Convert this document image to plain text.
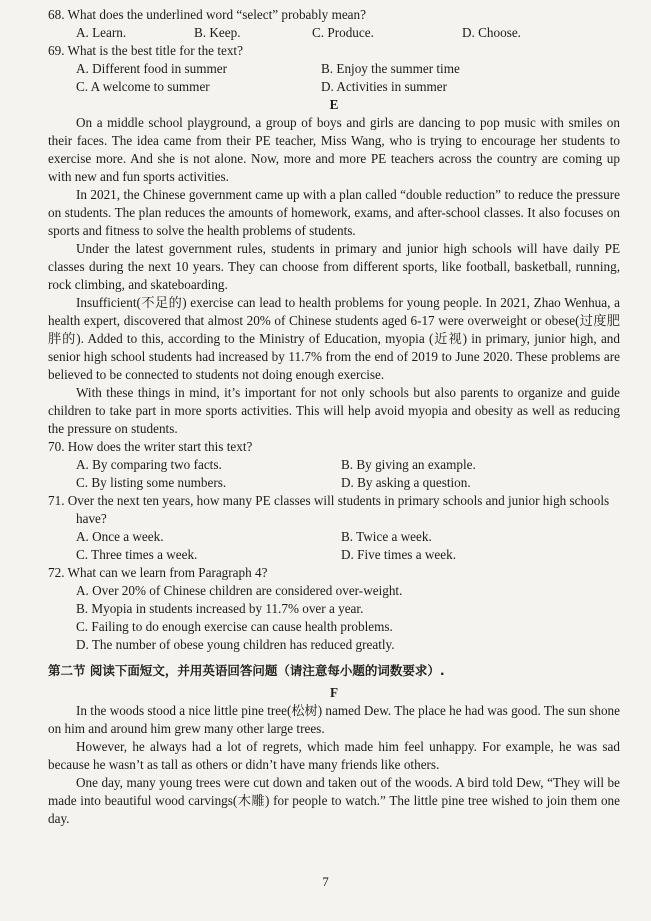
68. What does the underlined word “select” probably mean?
A. Learn.	B. Keep.	C. Produce.	D. Choose.
69. What is the best title for the text?
A. Different food in summer	B. Enjoy the summer time
C. A welcome to summer	D. Activities in summer
E

On a middle school playground, a group of boys and girls are dancing to pop music with smiles on their faces. The idea came from their PE teacher, Miss Wang, who is trying to encourage her students to exercise more. And she is not alone. Now, more and more PE teachers across the country are coming up with new and fun sports activities.

In 2021, the Chinese government came up with a plan called “double reduction” to reduce the pressure on students. The plan reduces the amounts of homework, exams, and after-school classes. It also focuses on sports and fitness to solve the health problems of students.

Under the latest government rules, students in primary and junior high schools will have daily PE classes during the next 10 years. They can choose from different sports, like football, basketball, running, rock climbing, and skateboarding.

Insufficient(不足的) exercise can lead to health problems for young people. In 2021, Zhao Wenhua, a health expert, discovered that almost 20% of Chinese students aged 6-17 were overweight or obese(过度肥胖的). Added to this, according to the Ministry of Education, myopia (近视) in primary, junior high, and senior high school students had increased by 11.7% from the end of 2019 to June 2020. These problems are believed to be connected to students not doing enough exercise.

With these things in mind, it’s important for not only schools but also parents to organize and guide children to take part in more sports activities. This will help avoid myopia and obesity as well as reducing the pressure on students.

70. How does the writer start this text?
A. By comparing two facts.	B. By giving an example.
C. By listing some numbers.	D. By asking a question.
71. Over the next ten years, how many PE classes will students in primary schools and junior high schools have?
A. Once a week.	B. Twice a week.
C. Three times a week.	D. Five times a week.
72. What can we learn from Paragraph 4?
A. Over 20% of Chinese children are considered over-weight.
B. Myopia in students increased by 11.7% over a year.
C. Failing to do enough exercise can cause health problems.
D. The number of obese young children has reduced greatly.
第二节 阅读下面短文，并用英语回答问题（请注意每小题的词数要求）.
F

In the woods stood a nice little pine tree(松树) named Dew. The place he had was good. The sun shone on him and around him grew many other large trees.

However, he always had a lot of regrets, which made him feel unhappy. For example, he was sad because he wasn’t as tall as others or didn’t have many friends like others.

One day, many young trees were cut down and taken out of the woods. A bird told Dew, “They will be made into beautiful wood carvings(木雕) for people to watch.” The little pine tree wished to join them one day.

7
